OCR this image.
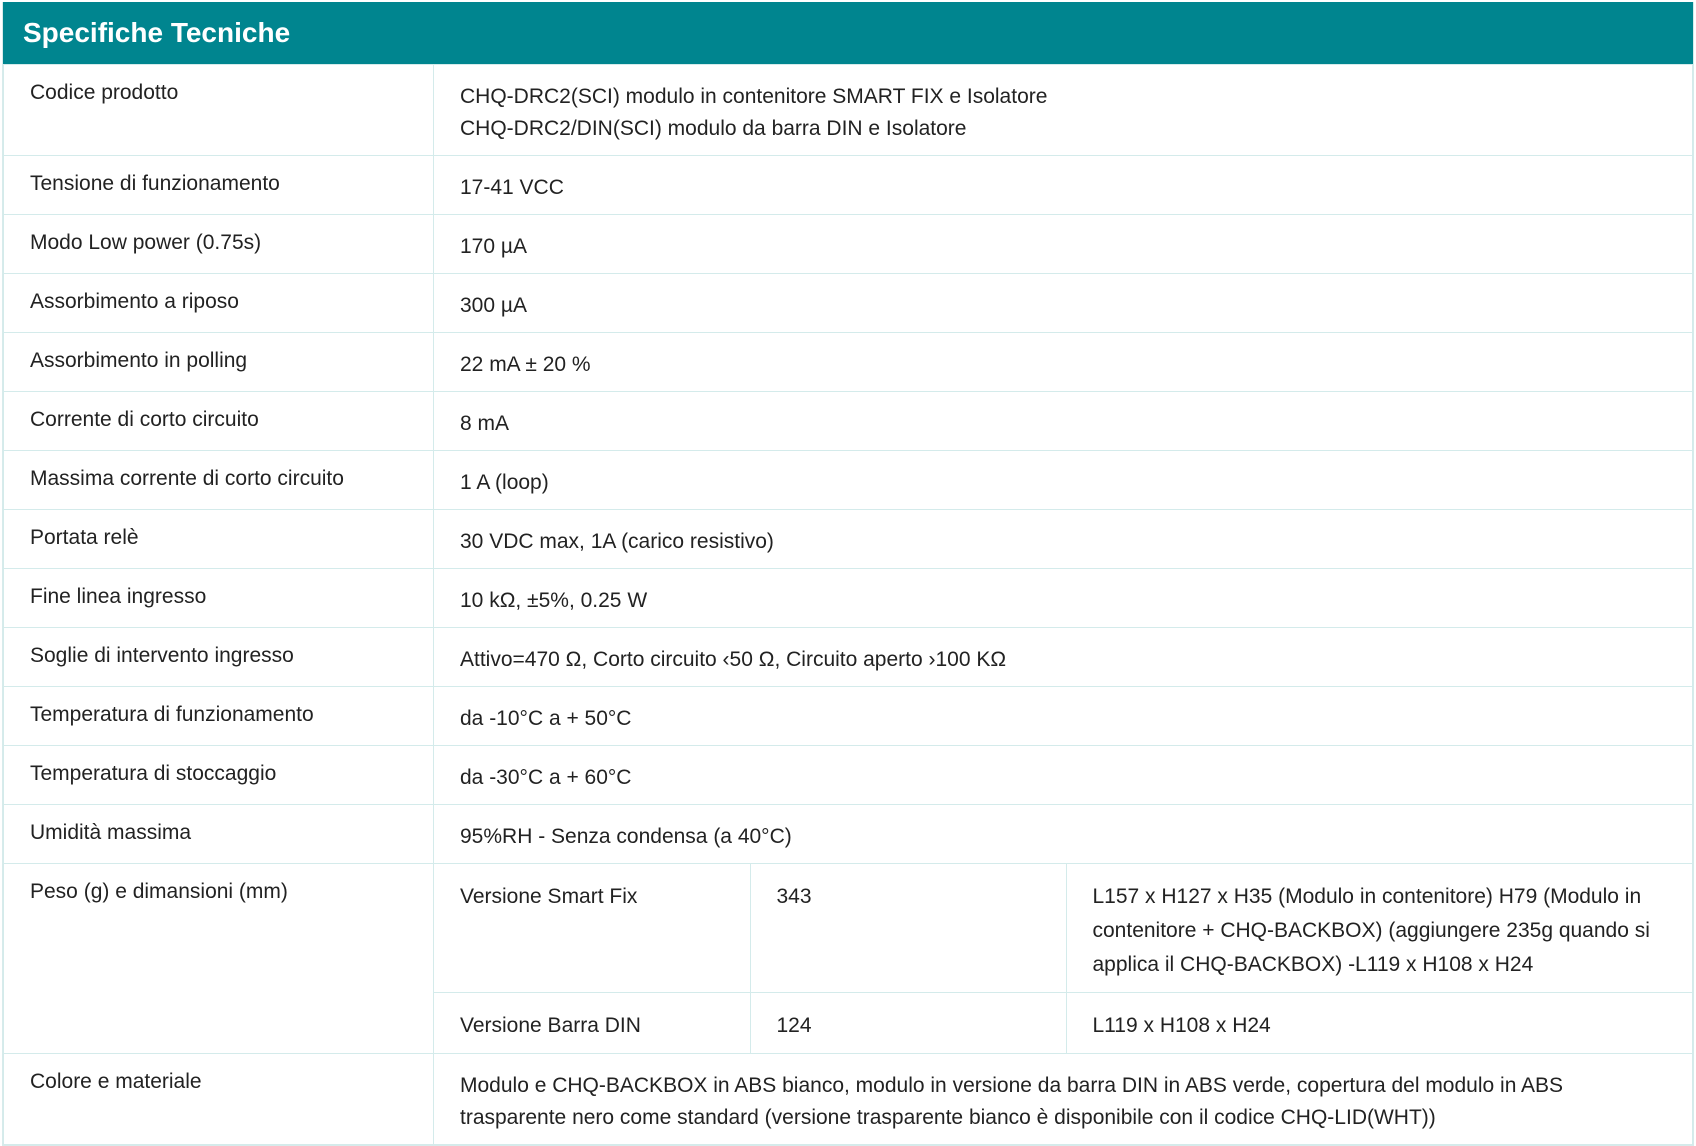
Specifiche Tecniche
Codice prodotto	CHQ-DRC2(SCI) modulo in contenitore SMART FIX e Isolatore
CHQ-DRC2/DIN(SCI) modulo da barra DIN e Isolatore

Tensione di funzionamento	17-41 VCC

Modo Low power (0.75s)	170 µA

Assorbimento a riposo	300 µA

Assorbimento in polling	22 mA ± 20 %

Corrente di corto circuito	8 mA

Massima corrente di corto circuito	1 A (loop)

Portata relè	30 VDC max, 1A (carico resistivo)

Fine linea ingresso	10 kΩ, ±5%, 0.25 W

Soglie di intervento ingresso	Attivo=470 Ω, Corto circuito ‹50 Ω, Circuito aperto ›100 KΩ

Temperatura di funzionamento	da -10°C a + 50°C

Temperatura di stoccaggio	da -30°C a + 60°C

Umidità massima	95%RH - Senza condensa (a 40°C)

Peso (g) e dimansioni (mm)		Versione Smart Fix	343	L157 x H127 x H35 (Modulo in contenitore) H79 (Modulo in contenitore + CHQ-BACKBOX) (aggiungere 235g quando si applica il CHQ-BACKBOX) -L119 x H108 x H24
Versione Barra DIN	124	L119 x H108 x H24

Colore e materiale	Modulo e CHQ-BACKBOX in ABS bianco, modulo in versione da barra DIN in ABS verde, copertura del modulo in ABS trasparente nero come standard (versione trasparente bianco è disponibile con il codice CHQ-LID(WHT))
